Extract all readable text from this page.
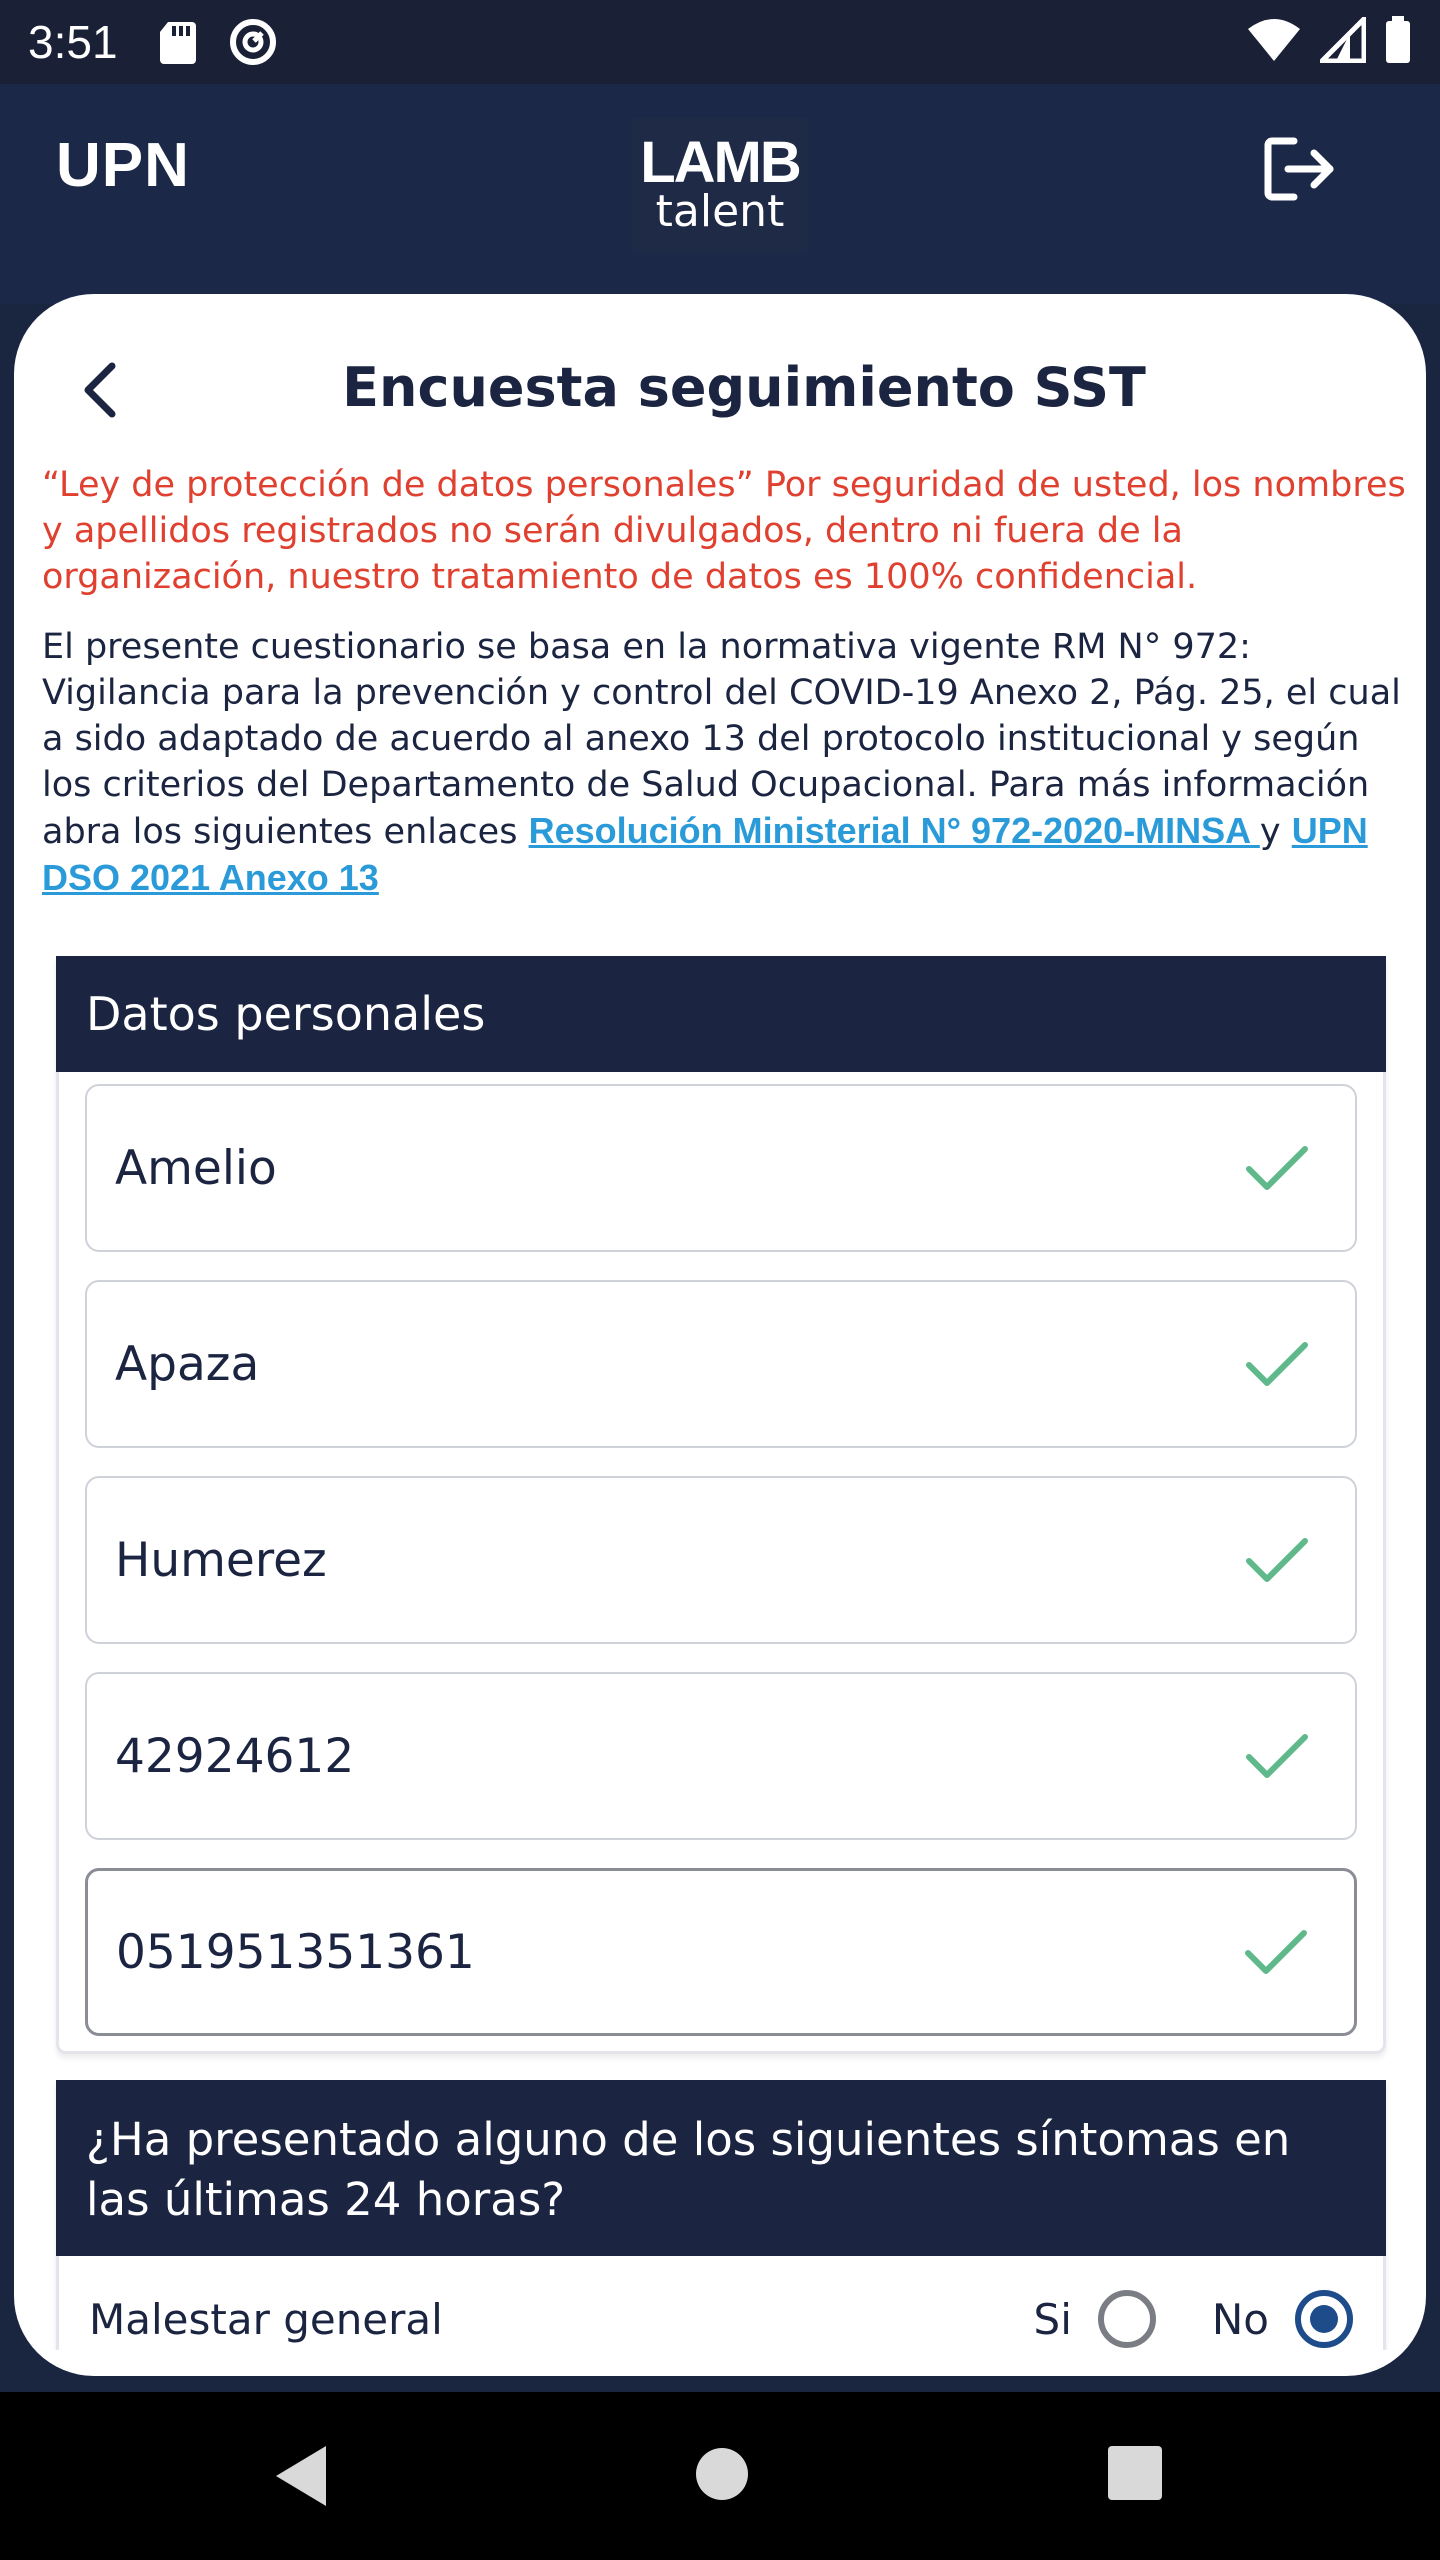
3:51
UPN	LAMB
talent
Encuesta seguimiento SST
“Ley de protección de datos personales” Por seguridad de usted, los nombres y apellidos registrados no serán divulgados, dentro ni fuera de la organización, nuestro tratamiento de datos es 100% confidencial.
El presente cuestionario se basa en la normativa vigente RM N° 972: Vigilancia para la prevención y control del COVID-19 Anexo 2, Pág. 25, el cual a sido adaptado de acuerdo al anexo 13 del protocolo institucional y según los criterios del Departamento de Salud Ocupacional. Para más información abra los siguientes enlaces Resolución Ministerial N° 972-2020-MINSA y UPN DSO 2021 Anexo 13
Datos personales
Amelio
Apaza
Humerez
42924612
051951351361
¿Ha presentado alguno de los siguientes síntomas en las últimas 24 horas?
Malestar general	Si	No
